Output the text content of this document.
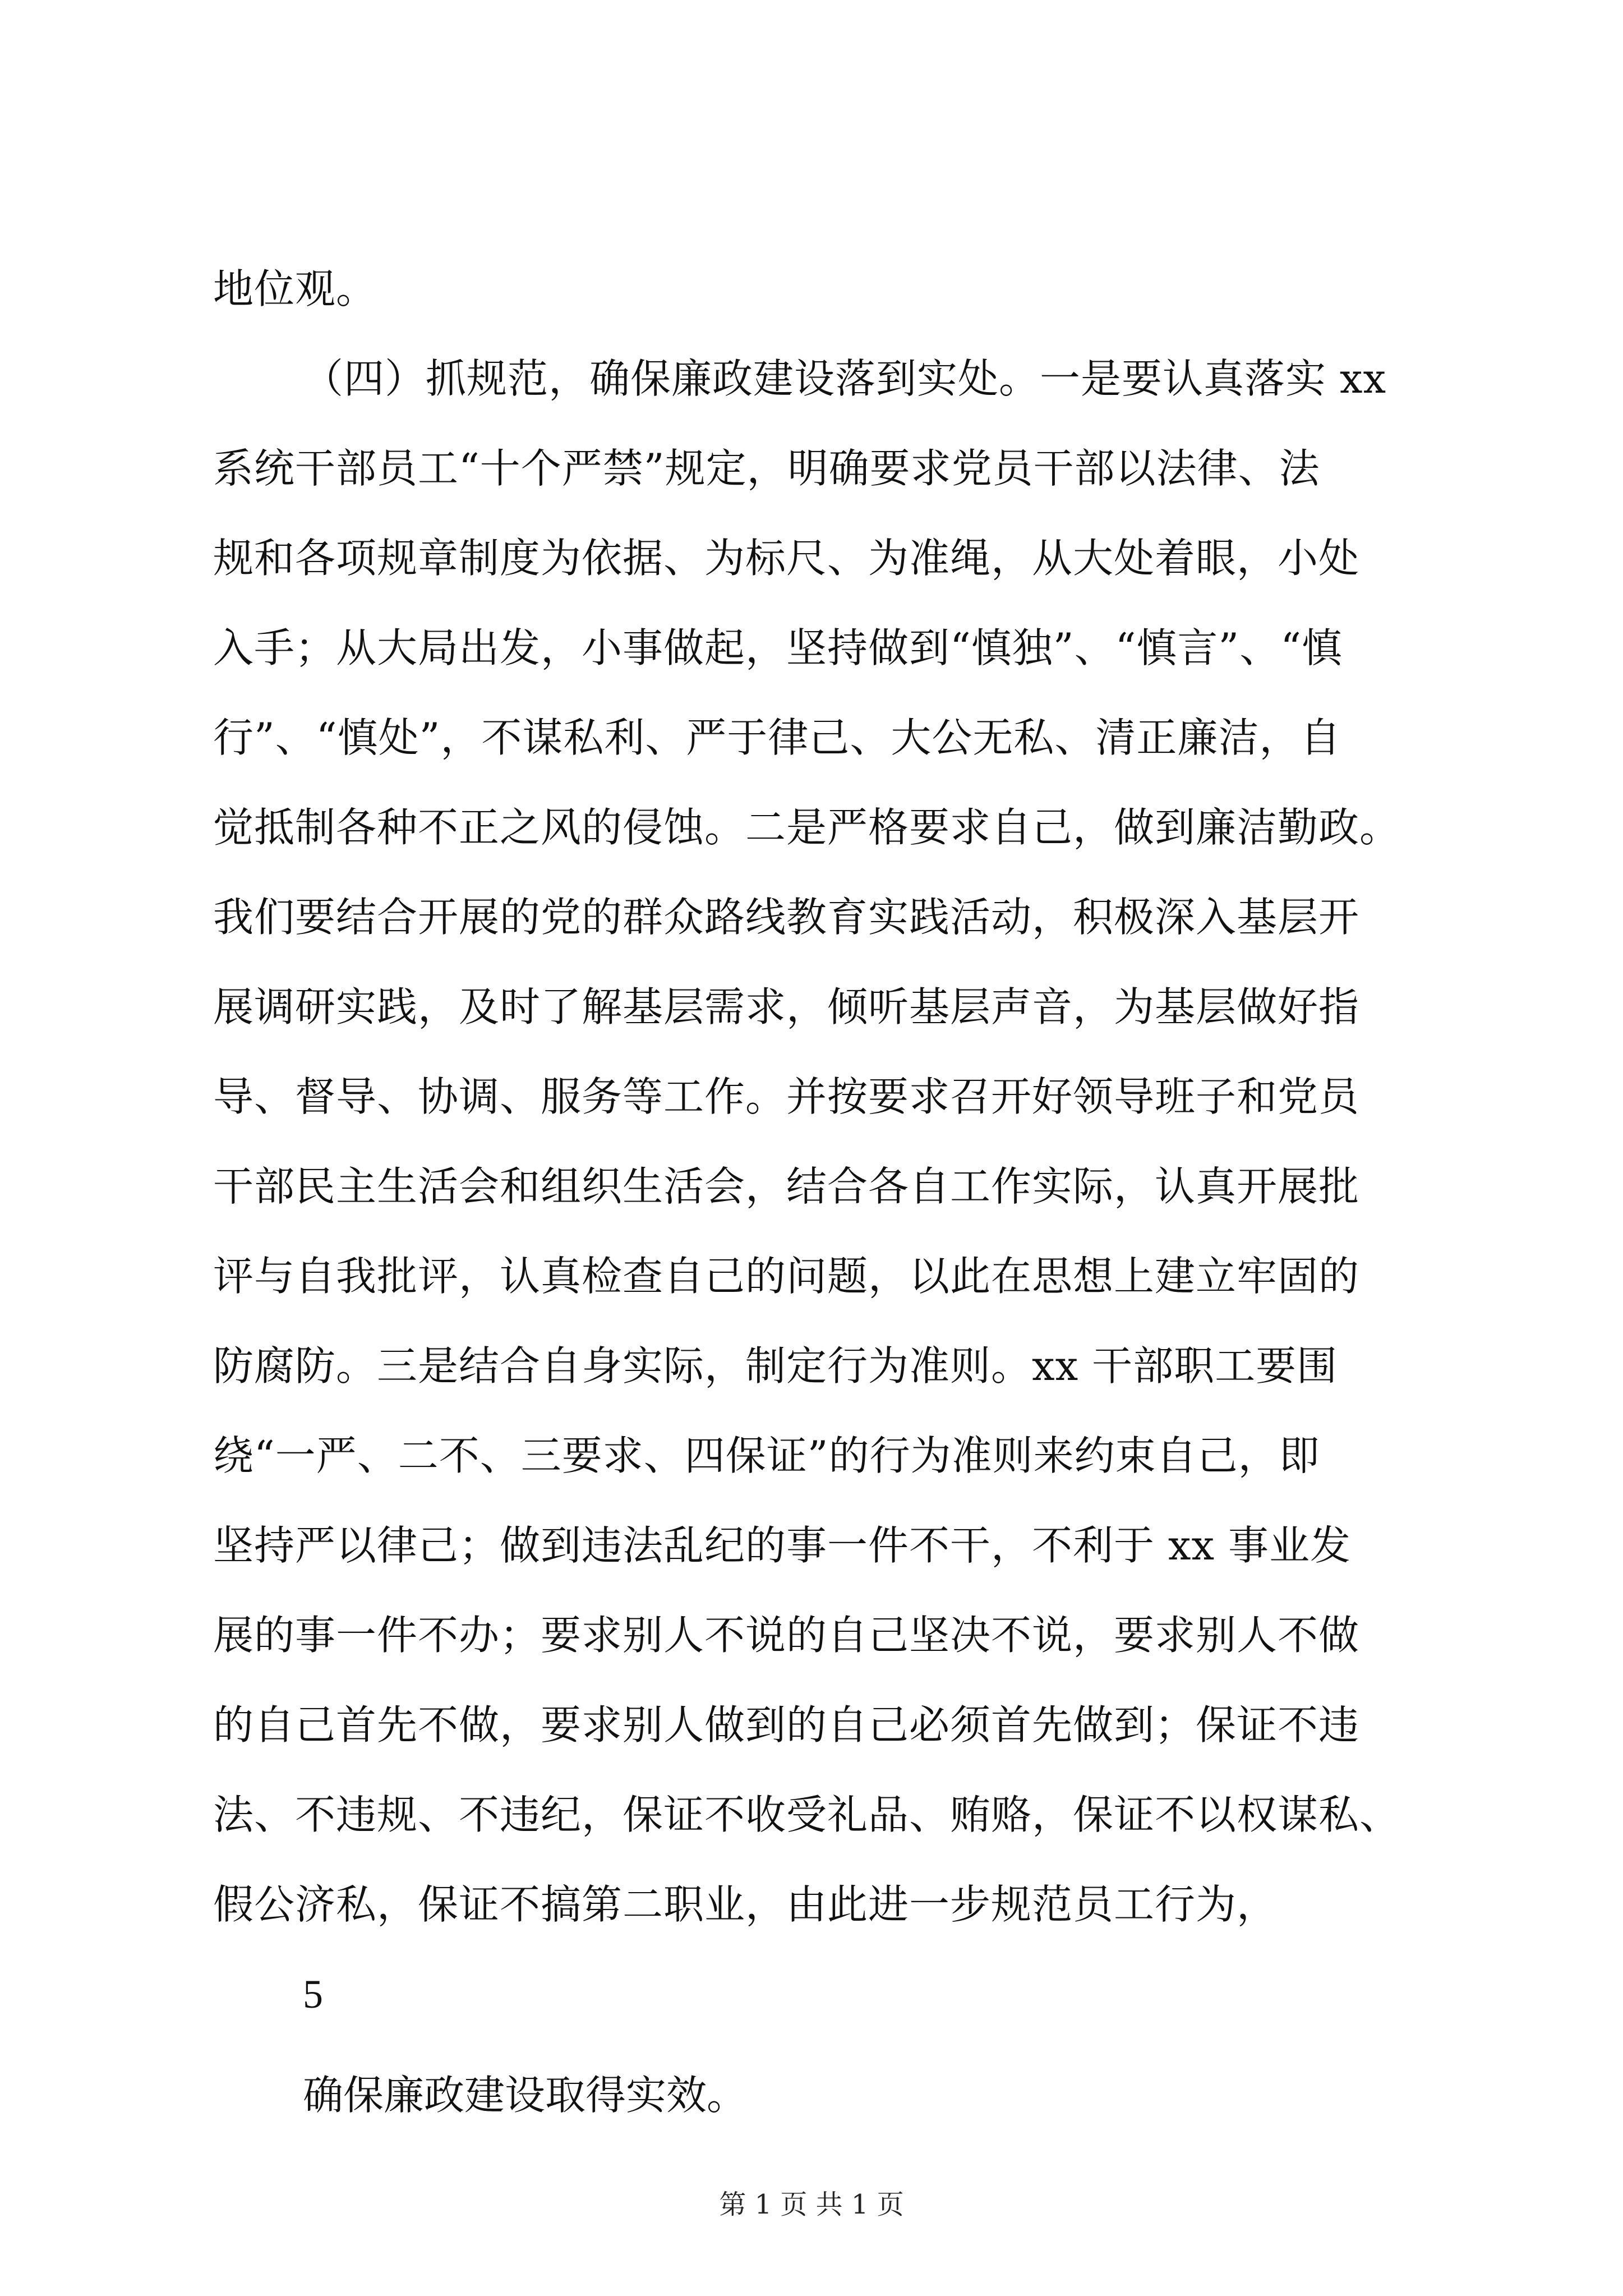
地位观。
（四）抓规范，确保廉政建设落到实处。一是要认真落实 xx
系统干部员工“十个严禁”规定，明确要求党员干部以法律、法
规和各项规章制度为依据、为标尺、为准绳，从大处着眼，小处
入手；从大局出发，小事做起，坚持做到“慎独”、“慎言”、“慎
行”、“慎处”，不谋私利、严于律己、大公无私、清正廉洁，自
觉抵制各种不正之风的侵蚀。二是严格要求自己，做到廉洁勤政。
我们要结合开展的党的群众路线教育实践活动，积极深入基层开
展调研实践，及时了解基层需求，倾听基层声音，为基层做好指
导、督导、协调、服务等工作。并按要求召开好领导班子和党员
干部民主生活会和组织生活会，结合各自工作实际，认真开展批
评与自我批评，认真检查自己的问题，以此在思想上建立牢固的
防腐防。三是结合自身实际，制定行为准则。xx 干部职工要围
绕“一严、二不、三要求、四保证”的行为准则来约束自己，即
坚持严以律己；做到违法乱纪的事一件不干，不利于 xx 事业发
展的事一件不办；要求别人不说的自己坚决不说，要求别人不做
的自己首先不做，要求别人做到的自己必须首先做到；保证不违
法、不违规、不违纪，保证不收受礼品、贿赂，保证不以权谋私、
假公济私，保证不搞第二职业，由此进一步规范员工行为，
5
确保廉政建设取得实效。
第 1 页 共 1 页
